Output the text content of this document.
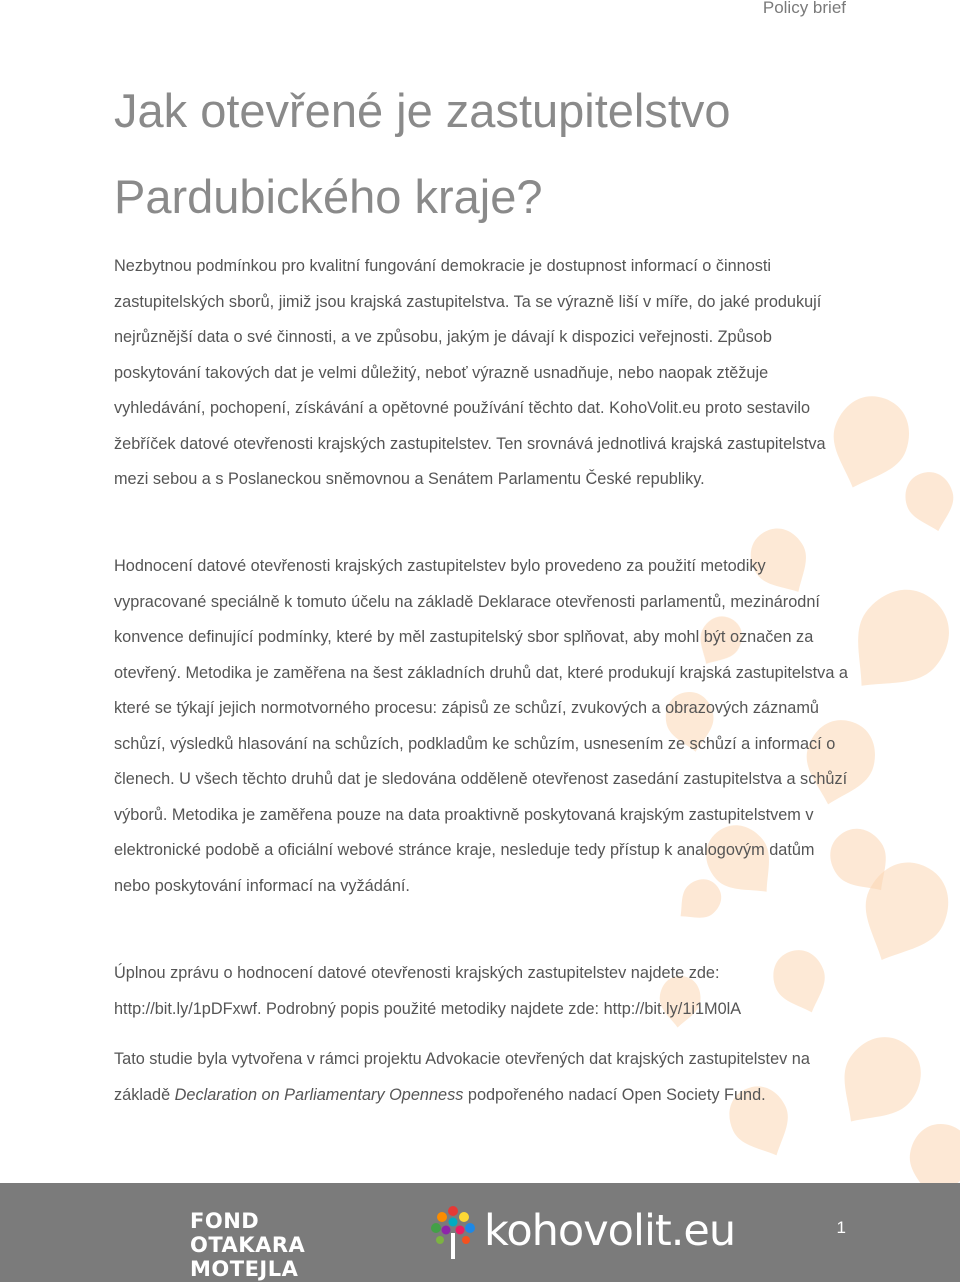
Policy brief
Jak otevřené je zastupitelstvo
Pardubického kraje?

Nezbytnou podmínkou pro kvalitní fungování demokracie je dostupnost informací o činnosti zastupitelských sborů, jimiž jsou krajská zastupitelstva. Ta se výrazně liší v míře, do jaké produkují nejrůznější data o své činnosti, a ve způsobu, jakým je dávají k dispozici veřejnosti. Způsob poskytování takových dat je velmi důležitý, neboť výrazně usnadňuje, nebo naopak ztěžuje vyhledávání, pochopení, získávání a opětovné používání těchto dat. KohoVolit.eu proto sestavilo žebříček datové otevřenosti krajských zastupitelstev. Ten srovnává jednotlivá krajská zastupitelstva mezi sebou a s Poslaneckou sněmovnou a Senátem Parlamentu České republiky.

Hodnocení datové otevřenosti krajských zastupitelstev bylo provedeno za použití metodiky vypracované speciálně k tomuto účelu na základě Deklarace otevřenosti parlamentů, mezinárodní konvence definující podmínky, které by měl zastupitelský sbor splňovat, aby mohl být označen za otevřený. Metodika je zaměřena na šest základních druhů dat, které produkují krajská zastupitelstva a které se týkají jejich normotvorného procesu: zápisů ze schůzí, zvukových a obrazových záznamů schůzí, výsledků hlasování na schůzích, podkladům ke schůzím, usnesením ze schůzí a informací o členech. U všech těchto druhů dat je sledována odděleně otevřenost zasedání zastupitelstva a schůzí výborů. Metodika je zaměřena pouze na data proaktivně poskytovaná krajským zastupitelstvem v elektronické podobě a oficiální webové stránce kraje, nesleduje tedy přístup k analogovým datům nebo poskytování informací na vyžádání.

Úplnou zprávu o hodnocení datové otevřenosti krajských zastupitelstev najdete zde: http://bit.ly/1pDFxwf. Podrobný popis použité metodiky najdete zde: http://bit.ly/1i1M0lA

Tato studie byla vytvořena v rámci projektu Advokacie otevřených dat krajských zastupitelstev na základě Declaration on Parliamentary Openness podpořeného nadací Open Society Fund.

FOND
OTAKARA
MOTEJLA
kohovolit.eu	1
